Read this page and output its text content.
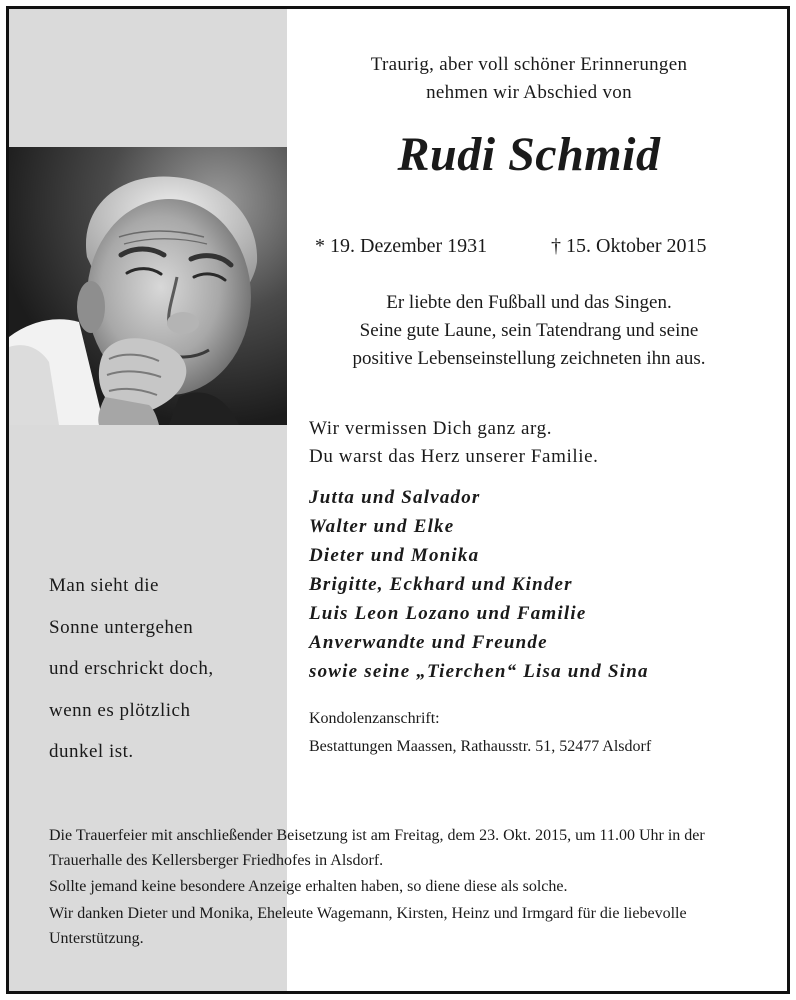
Traurig, aber voll schöner Erinnerungen
nehmen wir Abschied von
Rudi Schmid
* 19. Dezember 1931	† 15. Oktober 2015
Er liebte den Fußball und das Singen.
Seine gute Laune, sein Tatendrang und seine
positive Lebenseinstellung zeichneten ihn aus.
Wir vermissen Dich ganz arg.
Du warst das Herz unserer Familie.
Jutta und Salvador
Walter und Elke
Dieter und Monika
Brigitte, Eckhard und Kinder
Luis Leon Lozano und Familie
Anverwandte und Freunde
sowie seine „Tierchen“ Lisa und Sina
Kondolenzanschrift:
Bestattungen Maassen, Rathausstr. 51, 52477 Alsdorf
Man sieht die
Sonne untergehen
und erschrickt doch,
wenn es plötzlich
dunkel ist.

Die Trauerfeier mit anschließender Beisetzung ist am Freitag, dem 23. Okt. 2015, um 11.00 Uhr in der Trauerhalle des Kellersberger Friedhofes in Alsdorf.

Sollte jemand keine besondere Anzeige erhalten haben, so diene diese als solche.

Wir danken Dieter und Monika, Eheleute Wagemann, Kirsten, Heinz und Irmgard für die liebevolle Unterstützung.
